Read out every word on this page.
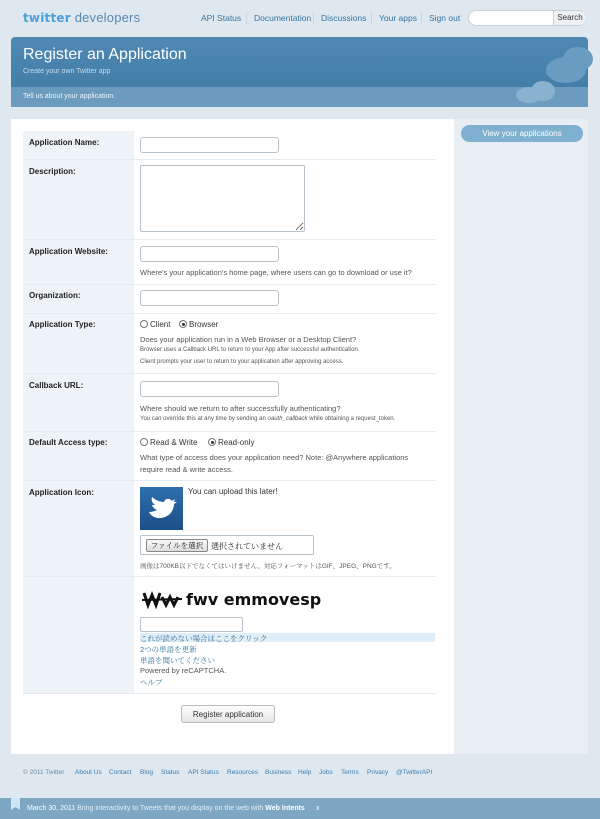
twitter developers	API Status Documentation Discussions Your apps Sign out	Search
Register an Application
Create your own Twitter app
Tell us about your application.
View your applications
Application Name:
Description:
Application Website:
Where's your application's home page, where users can go to download or use it?
Organization:
Application Type:	Client Browser
Does your application run in a Web Browser or a Desktop Client?
Browser uses a Callback URL to return to your App after successful authentication.
Client prompts your user to return to your application after approving access.
Callback URL:
Where should we return to after successfully authenticating?
You can override this at any time by sending an oauth_callback while obtaining a request_token.
Default Access type:	Read & Write	Read-only
What type of access does your application need? Note: @Anywhere applications
require read & write access.
Application Icon:	You can upload this later!
ファイルを選択 選択されていません
画像は700KB以下でなくてはいけません。対応フォーマットはGIF、JPEG、PNGです。
fwv emmovesp
これが読めない場合はここをクリック
2つの単語を更新
単語を聞いてください
Powered by reCAPTCHA.
ヘルプ
Register application
© 2011 Twitter About Us Contact Blog Status API Status Resources Business Help Jobs Terms Privacy @TwitterAPI
March 30, 2011 Bring interactivity to Tweets that you display on the web with Web Intents x
